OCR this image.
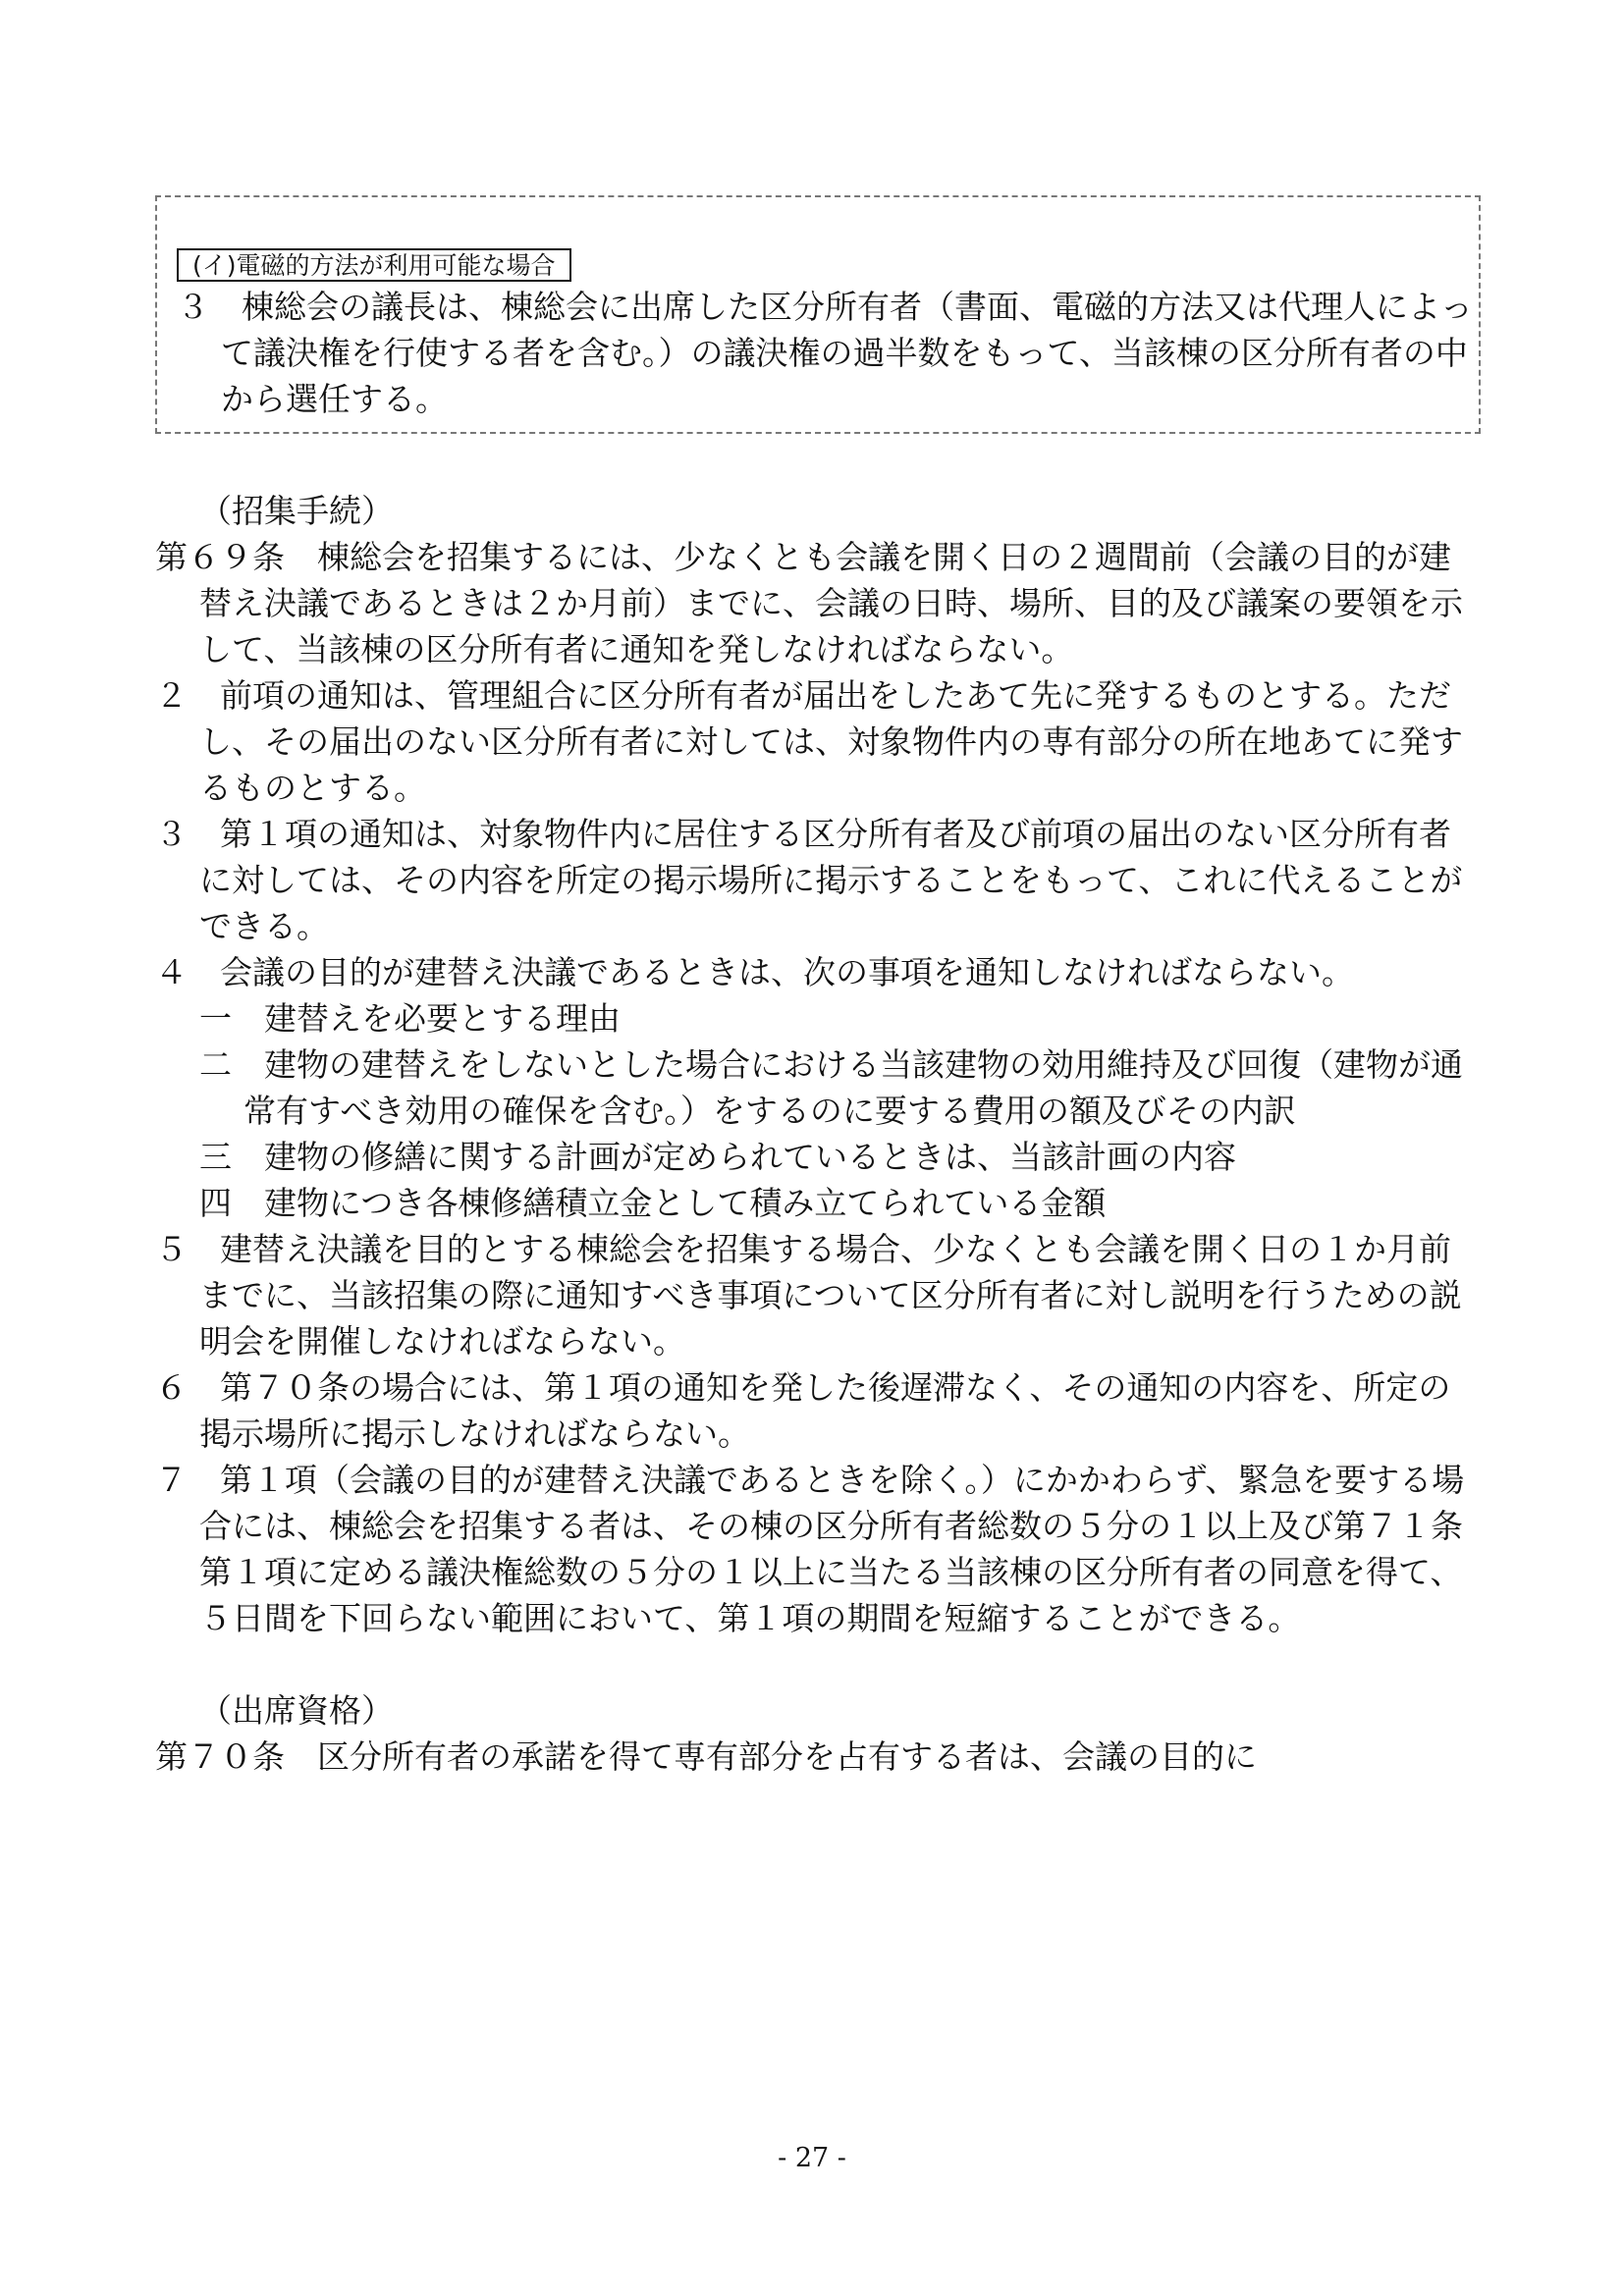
(イ)電磁的方法が利用可能な場合

３　棟総会の議長は、棟総会に出席した区分所有者（書面、電磁的方法又は代理人によって議決権を行使する者を含む。）の議決権の過半数をもって、当該棟の区分所有者の中から選任する。

（招集手続）

第６９条　棟総会を招集するには、少なくとも会議を開く日の２週間前（会議の目的が建替え決議であるときは２か月前）までに、会議の日時、場所、目的及び議案の要領を示して、当該棟の区分所有者に通知を発しなければならない。

２　前項の通知は、管理組合に区分所有者が届出をしたあて先に発するものとする。ただし、その届出のない区分所有者に対しては、対象物件内の専有部分の所在地あてに発するものとする。

３　第１項の通知は、対象物件内に居住する区分所有者及び前項の届出のない区分所有者に対しては、その内容を所定の掲示場所に掲示することをもって、これに代えることができる。

４　会議の目的が建替え決議であるときは、次の事項を通知しなければならない。

一　建替えを必要とする理由

二　建物の建替えをしないとした場合における当該建物の効用維持及び回復（建物が通常有すべき効用の確保を含む。）をするのに要する費用の額及びその内訳

三　建物の修繕に関する計画が定められているときは、当該計画の内容

四　建物につき各棟修繕積立金として積み立てられている金額

５　建替え決議を目的とする棟総会を招集する場合、少なくとも会議を開く日の１か月前までに、当該招集の際に通知すべき事項について区分所有者に対し説明を行うための説明会を開催しなければならない。

６　第７０条の場合には、第１項の通知を発した後遅滞なく、その通知の内容を、所定の掲示場所に掲示しなければならない。

７　第１項（会議の目的が建替え決議であるときを除く。）にかかわらず、緊急を要する場合には、棟総会を招集する者は、その棟の区分所有者総数の５分の１以上及び第７１条第１項に定める議決権総数の５分の１以上に当たる当該棟の区分所有者の同意を得て、５日間を下回らない範囲において、第１項の期間を短縮することができる。

（出席資格）

第７０条　区分所有者の承諾を得て専有部分を占有する者は、会議の目的に

- 27 -
